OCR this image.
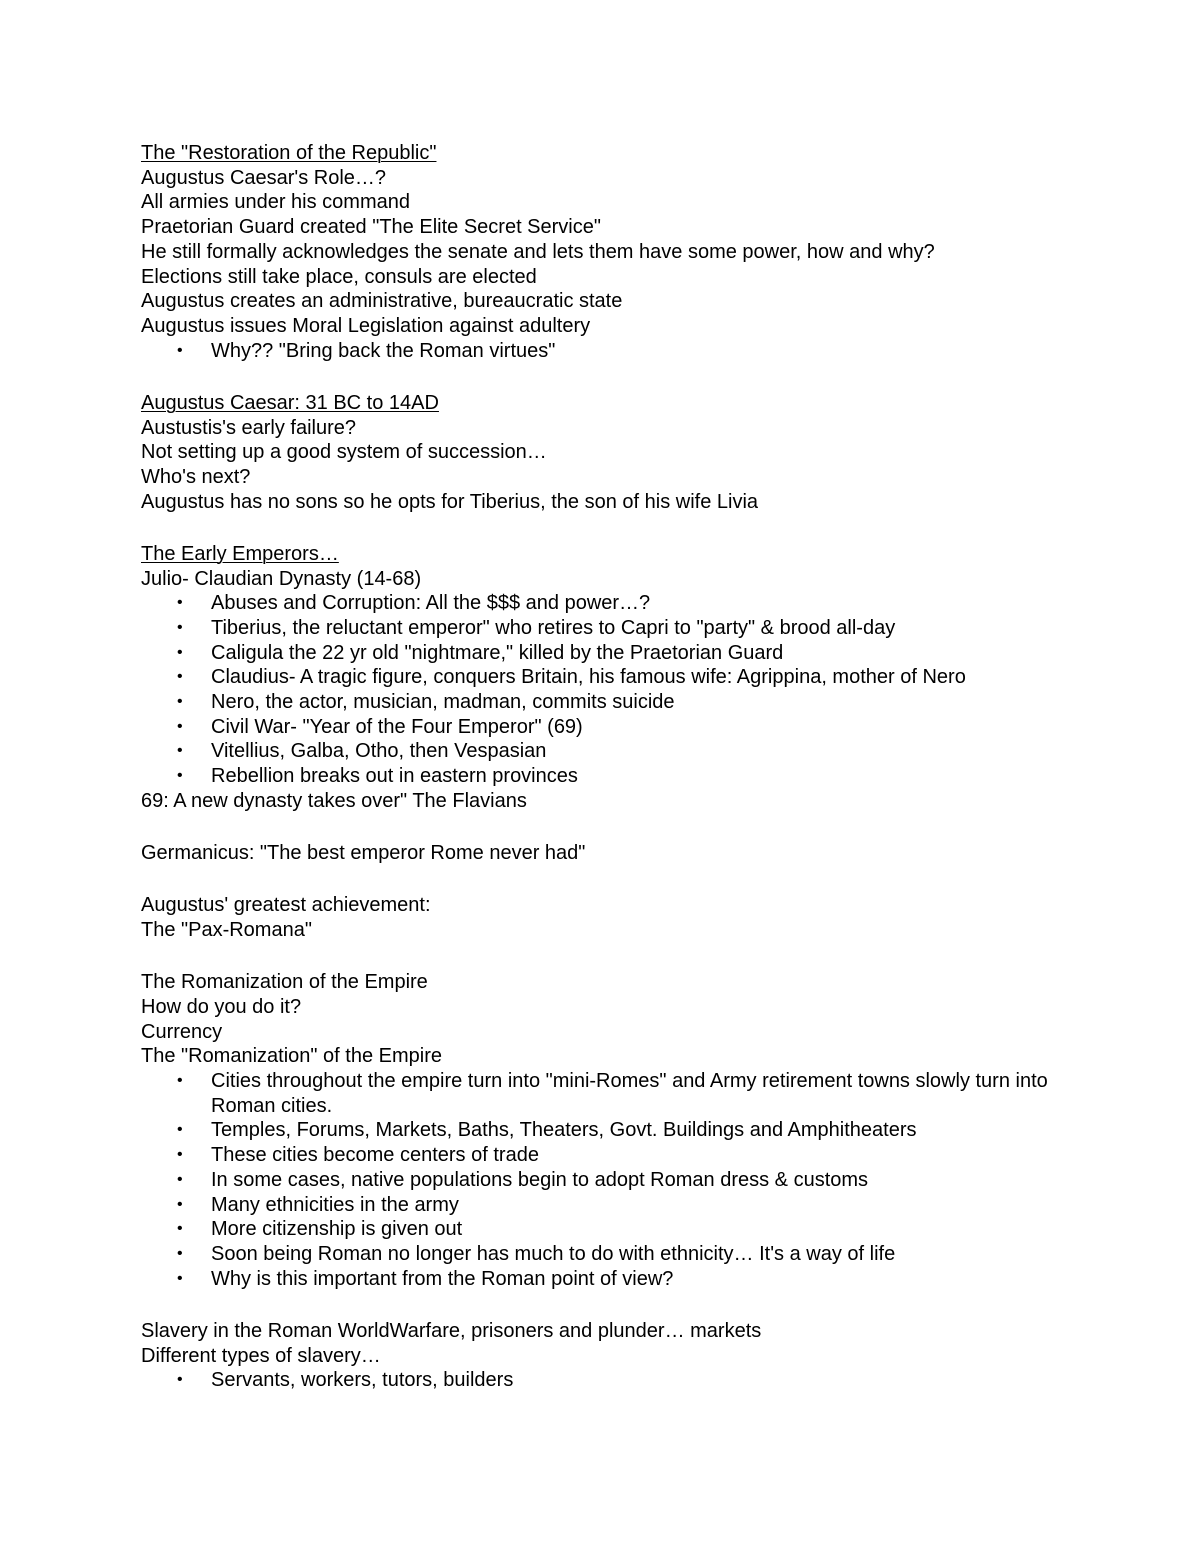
The "Restoration of the Republic"
Augustus Caesar's Role…?
All armies under his command
Praetorian Guard created "The Elite Secret Service"
He still formally acknowledges the senate and lets them have some power, how and why?
Elections still take place, consuls are elected
Augustus creates an administrative, bureaucratic state
Augustus issues Moral Legislation against adultery
• Why?? "Bring back the Roman virtues"
Augustus Caesar: 31 BC to 14AD
Austustis's early failure?
Not setting up a good system of succession…
Who's next?
Augustus has no sons so he opts for Tiberius, the son of his wife Livia
The Early Emperors…
Julio- Claudian Dynasty (14-68)
• Abuses and Corruption: All the $$$ and power…?
• Tiberius, the reluctant emperor" who retires to Capri to "party" & brood all-day
• Caligula the 22 yr old "nightmare," killed by the Praetorian Guard
• Claudius- A tragic figure, conquers Britain, his famous wife: Agrippina, mother of Nero
• Nero, the actor, musician, madman, commits suicide
• Civil War- "Year of the Four Emperor" (69)
• Vitellius, Galba, Otho, then Vespasian
• Rebellion breaks out in eastern provinces
69: A new dynasty takes over" The Flavians
Germanicus: "The best emperor Rome never had"
Augustus' greatest achievement:
The "Pax-Romana"
The Romanization of the Empire
How do you do it?
Currency
The "Romanization" of the Empire
• Cities throughout the empire turn into "mini-Romes" and Army retirement towns slowly turn into Roman cities.
• Temples, Forums, Markets, Baths, Theaters, Govt. Buildings and Amphitheaters
• These cities become centers of trade
• In some cases, native populations begin to adopt Roman dress & customs
• Many ethnicities in the army
• More citizenship is given out
• Soon being Roman no longer has much to do with ethnicity… It's a way of life
• Why is this important from the Roman point of view?
Slavery in the Roman WorldWarfare, prisoners and plunder… markets
Different types of slavery…
• Servants, workers, tutors, builders
